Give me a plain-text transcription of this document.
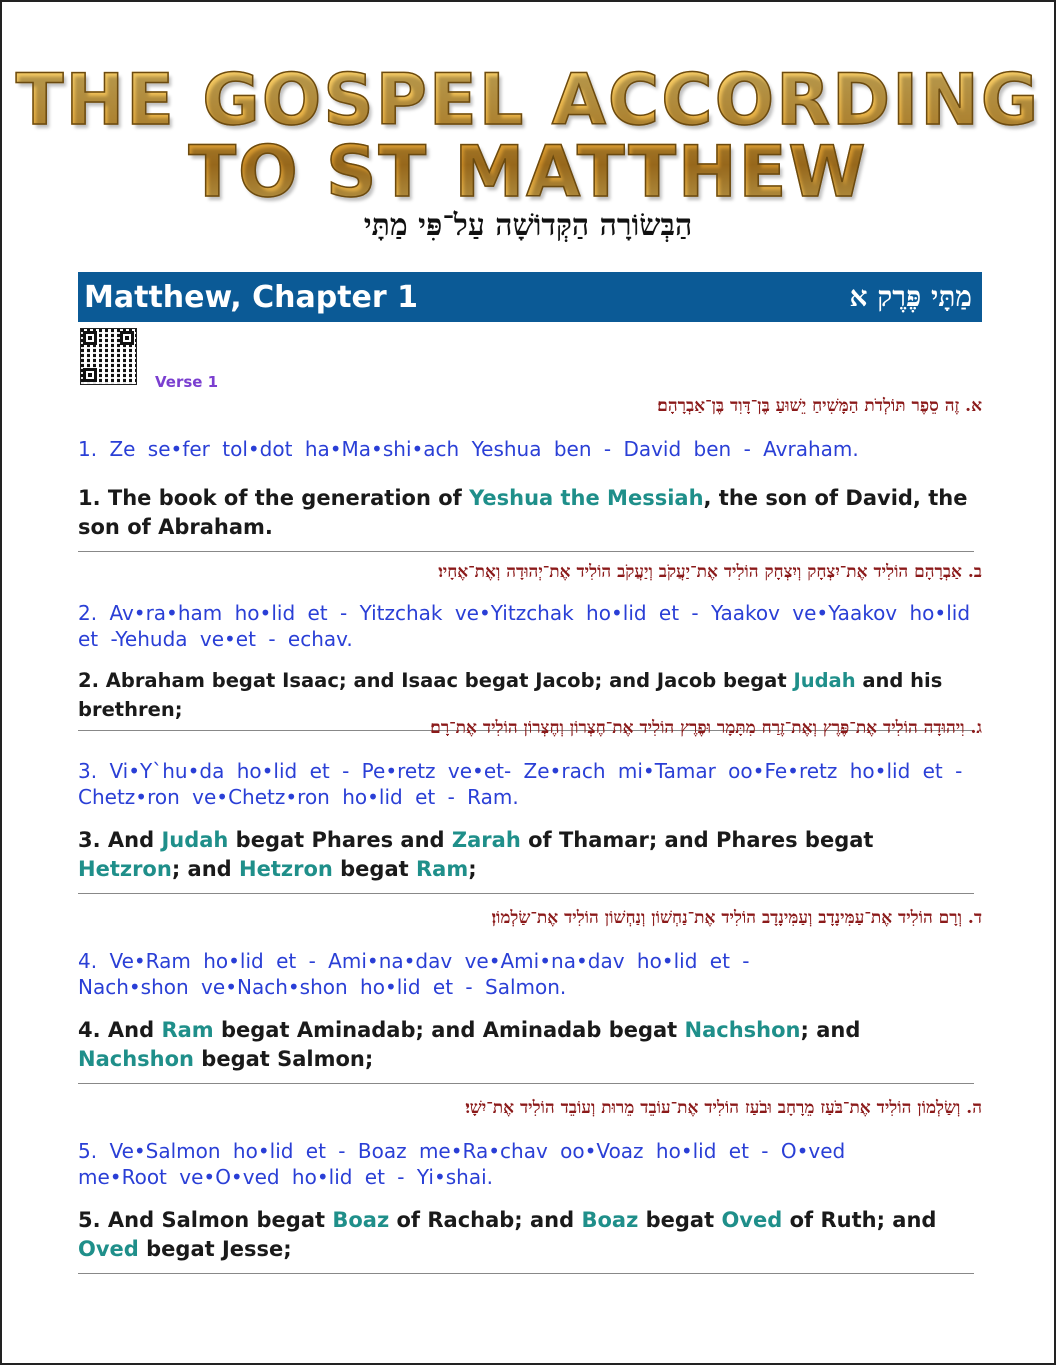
THE GOSPEL ACCORDING
TO ST MATTHEW
הַבְּשׂוֹרָה הַקְּדוֹשָׁה עַל־פִּי מַתָּי
Matthew, Chapter 1	מַתָּי פֶּרֶק א
Verse 1
א. זֶה סֵפֶר תּוֹלְדֹת הַמָּשִׁיחַ יֵשׁוּעַ בֶּן־דָּוִד בֶּן־אַבְרָהָם׃
1. Ze se•fer tol•dot ha•Ma•shi•ach Yeshua ben - David ben - Avraham.
1. The book of the generation of Yeshua the Messiah, the son of David, the son of Abraham.
ב. אַבְרָהָם הוֹלִיד אֶת־יִצְחָק וְיִצְחָק הוֹלִיד אֶת־יַעֲקֹב וְיַעֲקֹב הוֹלִיד אֶת־יְהוּדָה וְאֶת־אֶחָיו׃
2. Av•ra•ham ho•lid et - Yitzchak ve•Yitzchak ho•lid et - Yaakov ve•Yaakov ho•lid et -Yehuda ve•et - echav.
2. Abraham begat Isaac; and Isaac begat Jacob; and Jacob begat Judah and his brethren;
ג. וִיהוּדָה הוֹלִיד אֶת־פֶּרֶץ וְאֶת־זֶרַח מִתָּמָר וּפֶרֶץ הוֹלִיד אֶת־חֶצְרוֹן וְחֶצְרוֹן הוֹלִיד אֶת־רָם׃
3. Vi•Y`hu•da ho•lid et - Pe•retz ve•et- Ze•rach mi•Tamar oo•Fe•retz ho•lid et - Chetz•ron ve•Chetz•ron ho•lid et - Ram.
3. And Judah begat Phares and Zarah of Thamar; and Phares begat Hetzron; and Hetzron begat Ram;
ד. וְרָם הוֹלִיד אֶת־עַמִּינָדָב וְעַמִּינָדָב הוֹלִיד אֶת־נַחְשׁוֹן וְנַחְשׁוֹן הוֹלִיד אֶת־שַׂלְמוֹן׃
4. Ve•Ram ho•lid et - Ami•na•dav ve•Ami•na•dav ho•lid et - Nach•shon ve•Nach•shon ho•lid et - Salmon.
4. And Ram begat Aminadab; and Aminadab begat Nachshon; and Nachshon begat Salmon;
ה. וְשַׂלְמוֹן הוֹלִיד אֶת־בֹּעַז מֵרָחָב וּבֹעַז הוֹלִיד אֶת־עוֹבֵד מֵרוּת וְעוֹבֵד הוֹלִיד אֶת־יִשָׁי׃
5. Ve•Salmon ho•lid et - Boaz me•Ra•chav oo•Voaz ho•lid et - O•ved me•Root ve•O•ved ho•lid et - Yi•shai.
5. And Salmon begat Boaz of Rachab; and Boaz begat Oved of Ruth; and Oved begat Jesse;
